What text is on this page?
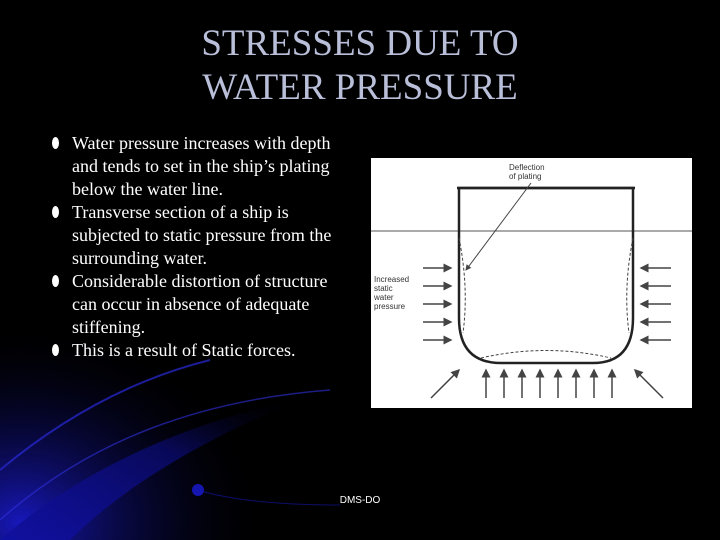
STRESSES DUE TO
WATER PRESSURE
Water pressure increases with depth and tends to set in the ship’s plating below the water line.
Transverse section of a ship is subjected to static pressure from the surrounding water.
Considerable distortion of structure can occur in absence of adequate stiffening.
This is a result of Static forces.
Deflection
of plating
Increased
static
water
pressure
DMS-DO
